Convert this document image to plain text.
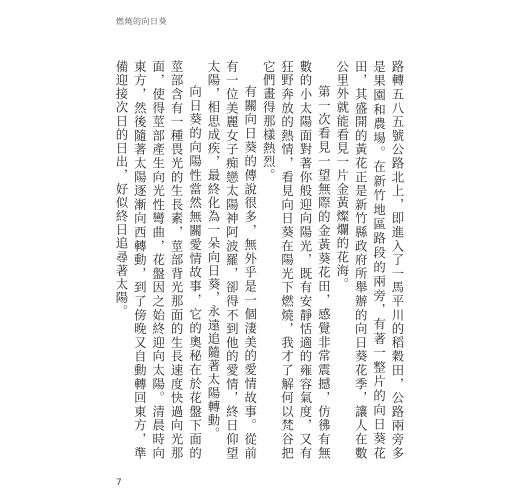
燃燒的向日葵

路轉五八五號公路北上，即進入了一馬平川的稻穀田，公路兩旁多是果園和農場。在新竹地區路段的兩旁，有著一整片的向日葵花田，其盛開的黃花正是新竹縣政府所舉辦的向日葵花季，讓人在數公里外就能看見一片金黃燦爛的花海。

第一次看見一望無際的金黃葵花田，感覺非常震撼，仿彿有無數的小太陽面對著你般迎向陽光，既有安靜恬適的雍容氣度，又有狂野奔放的熱情，看見向日葵在陽光下燃燒，我才了解何以梵谷把它們畫得那樣熱烈。

有關向日葵的傳說很多，無外乎是一個淒美的愛情故事。從前有一位美麗女子痴戀太陽神阿波羅，卻得不到他的愛情，終日仰望太陽，相思成疾，最終化為一朵向日葵，永遠追隨著太陽轉動。

向日葵的向陽性當然無關愛情故事，它的奧秘在於花盤下面的莖部含有一種畏光的生長素，莖部背光那面的生長速度快過向光那面，使得莖部產生向光性彎曲，花盤因之始終迎向太陽。清晨時向東方，然後隨著太陽逐漸向西轉動，到了傍晚又自動轉回東方，準備迎接次日的日出，好似終日追尋著太陽。

7
